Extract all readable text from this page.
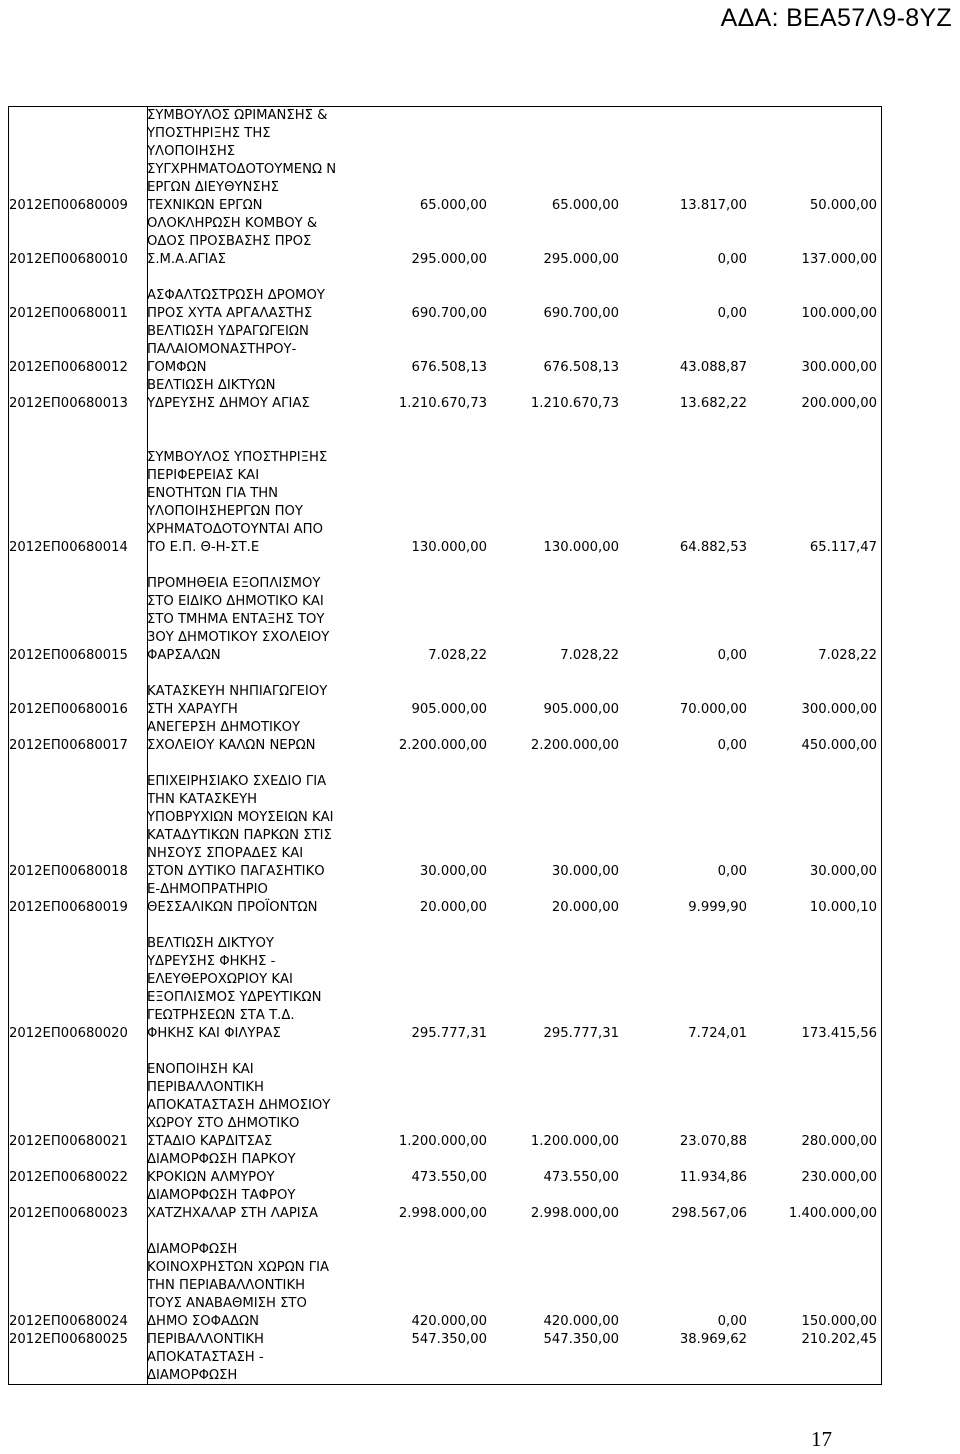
ΑΔΑ: ΒΕΑ57Λ9-8ΥΖ
2012ΕΠ00680009	ΣΥΜΒΟΥΛΟΣ ΩΡΙΜΑΝΣΗΣ & ΥΠΟΣΤΗΡΙΞΗΣ ΤΗΣ ΥΛΟΠΟΙΗΣΗΣ ΣΥΓΧΡΗΜΑΤΟΔΟΤΟΥΜΕΝΩ Ν ΕΡΓΩΝ ΔΙΕΥΘΥΝΣΗΣ ΤΕΧΝΙΚΩΝ ΕΡΓΩΝ	65.000,00	65.000,00	13.817,00	50.000,00
2012ΕΠ00680010	ΟΛΟΚΛΗΡΩΣΗ ΚΟΜΒΟΥ & ΟΔΟΣ ΠΡΟΣΒΑΣΗΣ ΠΡΟΣ Σ.Μ.Α.ΑΓΙΑΣ	295.000,00	295.000,00	0,00	137.000,00
2012ΕΠ00680011	ΑΣΦΑΛΤΩΣΤΡΩΣΗ ΔΡΟΜΟΥ ΠΡΟΣ ΧΥΤΑ ΑΡΓΑΛΑΣΤΗΣ	690.700,00	690.700,00	0,00	100.000,00
2012ΕΠ00680012	ΒΕΛΤΙΩΣΗ ΥΔΡΑΓΩΓΕΙΩΝ ΠΑΛΑΙΟΜΟΝΑΣΤΗΡΟΥ-ΓΟΜΦΩΝ	676.508,13	676.508,13	43.088,87	300.000,00
2012ΕΠ00680013	ΒΕΛΤΙΩΣΗ ΔΙΚΤΥΩΝ ΥΔΡΕΥΣΗΣ ΔΗΜΟΥ ΑΓΙΑΣ	1.210.670,73	1.210.670,73	13.682,22	200.000,00
2012ΕΠ00680014	ΣΥΜΒΟΥΛΟΣ ΥΠΟΣΤΗΡΙΞΗΣ ΠΕΡΙΦΕΡΕΙΑΣ ΚΑΙ ΕΝΟΤΗΤΩΝ ΓΙΑ ΤΗΝ ΥΛΟΠΟΙΗΣΗΕΡΓΩΝ ΠΟΥ ΧΡΗΜΑΤΟΔΟΤΟΥΝΤΑΙ ΑΠΟ ΤΟ Ε.Π. Θ-Η-ΣΤ.Ε	130.000,00	130.000,00	64.882,53	65.117,47
2012ΕΠ00680015	ΠΡΟΜΗΘΕΙΑ ΕΞΟΠΛΙΣΜΟΥ ΣΤΟ ΕΙΔΙΚΟ ΔΗΜΟΤΙΚΟ ΚΑΙ ΣΤΟ ΤΜΗΜΑ ΕΝΤΑΞΗΣ ΤΟΥ 3ΟΥ ΔΗΜΟΤΙΚΟΥ ΣΧΟΛΕΙΟΥ ΦΑΡΣΑΛΩΝ	7.028,22	7.028,22	0,00	7.028,22
2012ΕΠ00680016	ΚΑΤΑΣΚΕΥΗ ΝΗΠΙΑΓΩΓΕΙΟΥ ΣΤΗ ΧΑΡΑΥΓΗ	905.000,00	905.000,00	70.000,00	300.000,00
2012ΕΠ00680017	ΑΝΕΓΕΡΣΗ ΔΗΜΟΤΙΚΟΥ ΣΧΟΛΕΙΟΥ ΚΑΛΩΝ ΝΕΡΩΝ	2.200.000,00	2.200.000,00	0,00	450.000,00
2012ΕΠ00680018	ΕΠΙΧΕΙΡΗΣΙΑΚΟ ΣΧΕΔΙΟ ΓΙΑ ΤΗΝ ΚΑΤΑΣΚΕΥΗ ΥΠΟΒΡΥΧΙΩΝ ΜΟΥΣΕΙΩΝ ΚΑΙ ΚΑΤΑΔΥΤΙΚΩΝ ΠΑΡΚΩΝ ΣΤΙΣ ΝΗΣΟΥΣ ΣΠΟΡΑΔΕΣ ΚΑΙ ΣΤΟΝ ΔΥΤΙΚΟ ΠΑΓΑΣΗΤΙΚΟ	30.000,00	30.000,00	0,00	30.000,00
2012ΕΠ00680019	Ε-ΔΗΜΟΠΡΑΤΗΡΙΟ ΘΕΣΣΑΛΙΚΩΝ ΠΡΟΪΟΝΤΩΝ	20.000,00	20.000,00	9.999,90	10.000,10
2012ΕΠ00680020	ΒΕΛΤΙΩΣΗ ΔΙΚΤΥΟΥ ΥΔΡΕΥΣΗΣ ΦΗΚΗΣ - ΕΛΕΥΘΕΡΟΧΩΡΙΟΥ ΚΑΙ ΕΞΟΠΛΙΣΜΟΣ ΥΔΡΕΥΤΙΚΩΝ ΓΕΩΤΡΗΣΕΩΝ ΣΤΑ Τ.Δ. ΦΗΚΗΣ ΚΑΙ ΦΙΛΥΡΑΣ	295.777,31	295.777,31	7.724,01	173.415,56
2012ΕΠ00680021	ΕΝΟΠΟΙΗΣΗ ΚΑΙ ΠΕΡΙΒΑΛΛΟΝΤΙΚΗ ΑΠΟΚΑΤΑΣΤΑΣΗ ΔΗΜΟΣΙΟΥ ΧΩΡΟΥ ΣΤΟ ΔΗΜΟΤΙΚΟ ΣΤΑΔΙΟ ΚΑΡΔΙΤΣΑΣ	1.200.000,00	1.200.000,00	23.070,88	280.000,00
2012ΕΠ00680022	ΔΙΑΜΟΡΦΩΣΗ ΠΑΡΚΟΥ ΚΡΟΚΙΩΝ ΑΛΜΥΡΟΥ	473.550,00	473.550,00	11.934,86	230.000,00
2012ΕΠ00680023	ΔΙΑΜΟΡΦΩΣΗ ΤΑΦΡΟΥ ΧΑΤΖΗΧΑΛΑΡ ΣΤΗ ΛΑΡΙΣΑ	2.998.000,00	2.998.000,00	298.567,06	1.400.000,00
2012ΕΠ00680024	ΔΙΑΜΟΡΦΩΣΗ ΚΟΙΝΟΧΡΗΣΤΩΝ ΧΩΡΩΝ ΓΙΑ ΤΗΝ ΠΕΡΙΑΒΑΛΛΟΝΤΙΚΗ ΤΟΥΣ ΑΝΑΒΑΘΜΙΣΗ ΣΤΟ ΔΗΜΟ ΣΟΦΑΔΩΝ	420.000,00	420.000,00	0,00	150.000,00
2012ΕΠ00680025	ΠΕΡΙΒΑΛΛΟΝΤΙΚΗ ΑΠΟΚΑΤΑΣΤΑΣΗ - ΔΙΑΜΟΡΦΩΣΗ	547.350,00	547.350,00	38.969,62	210.202,45
17
